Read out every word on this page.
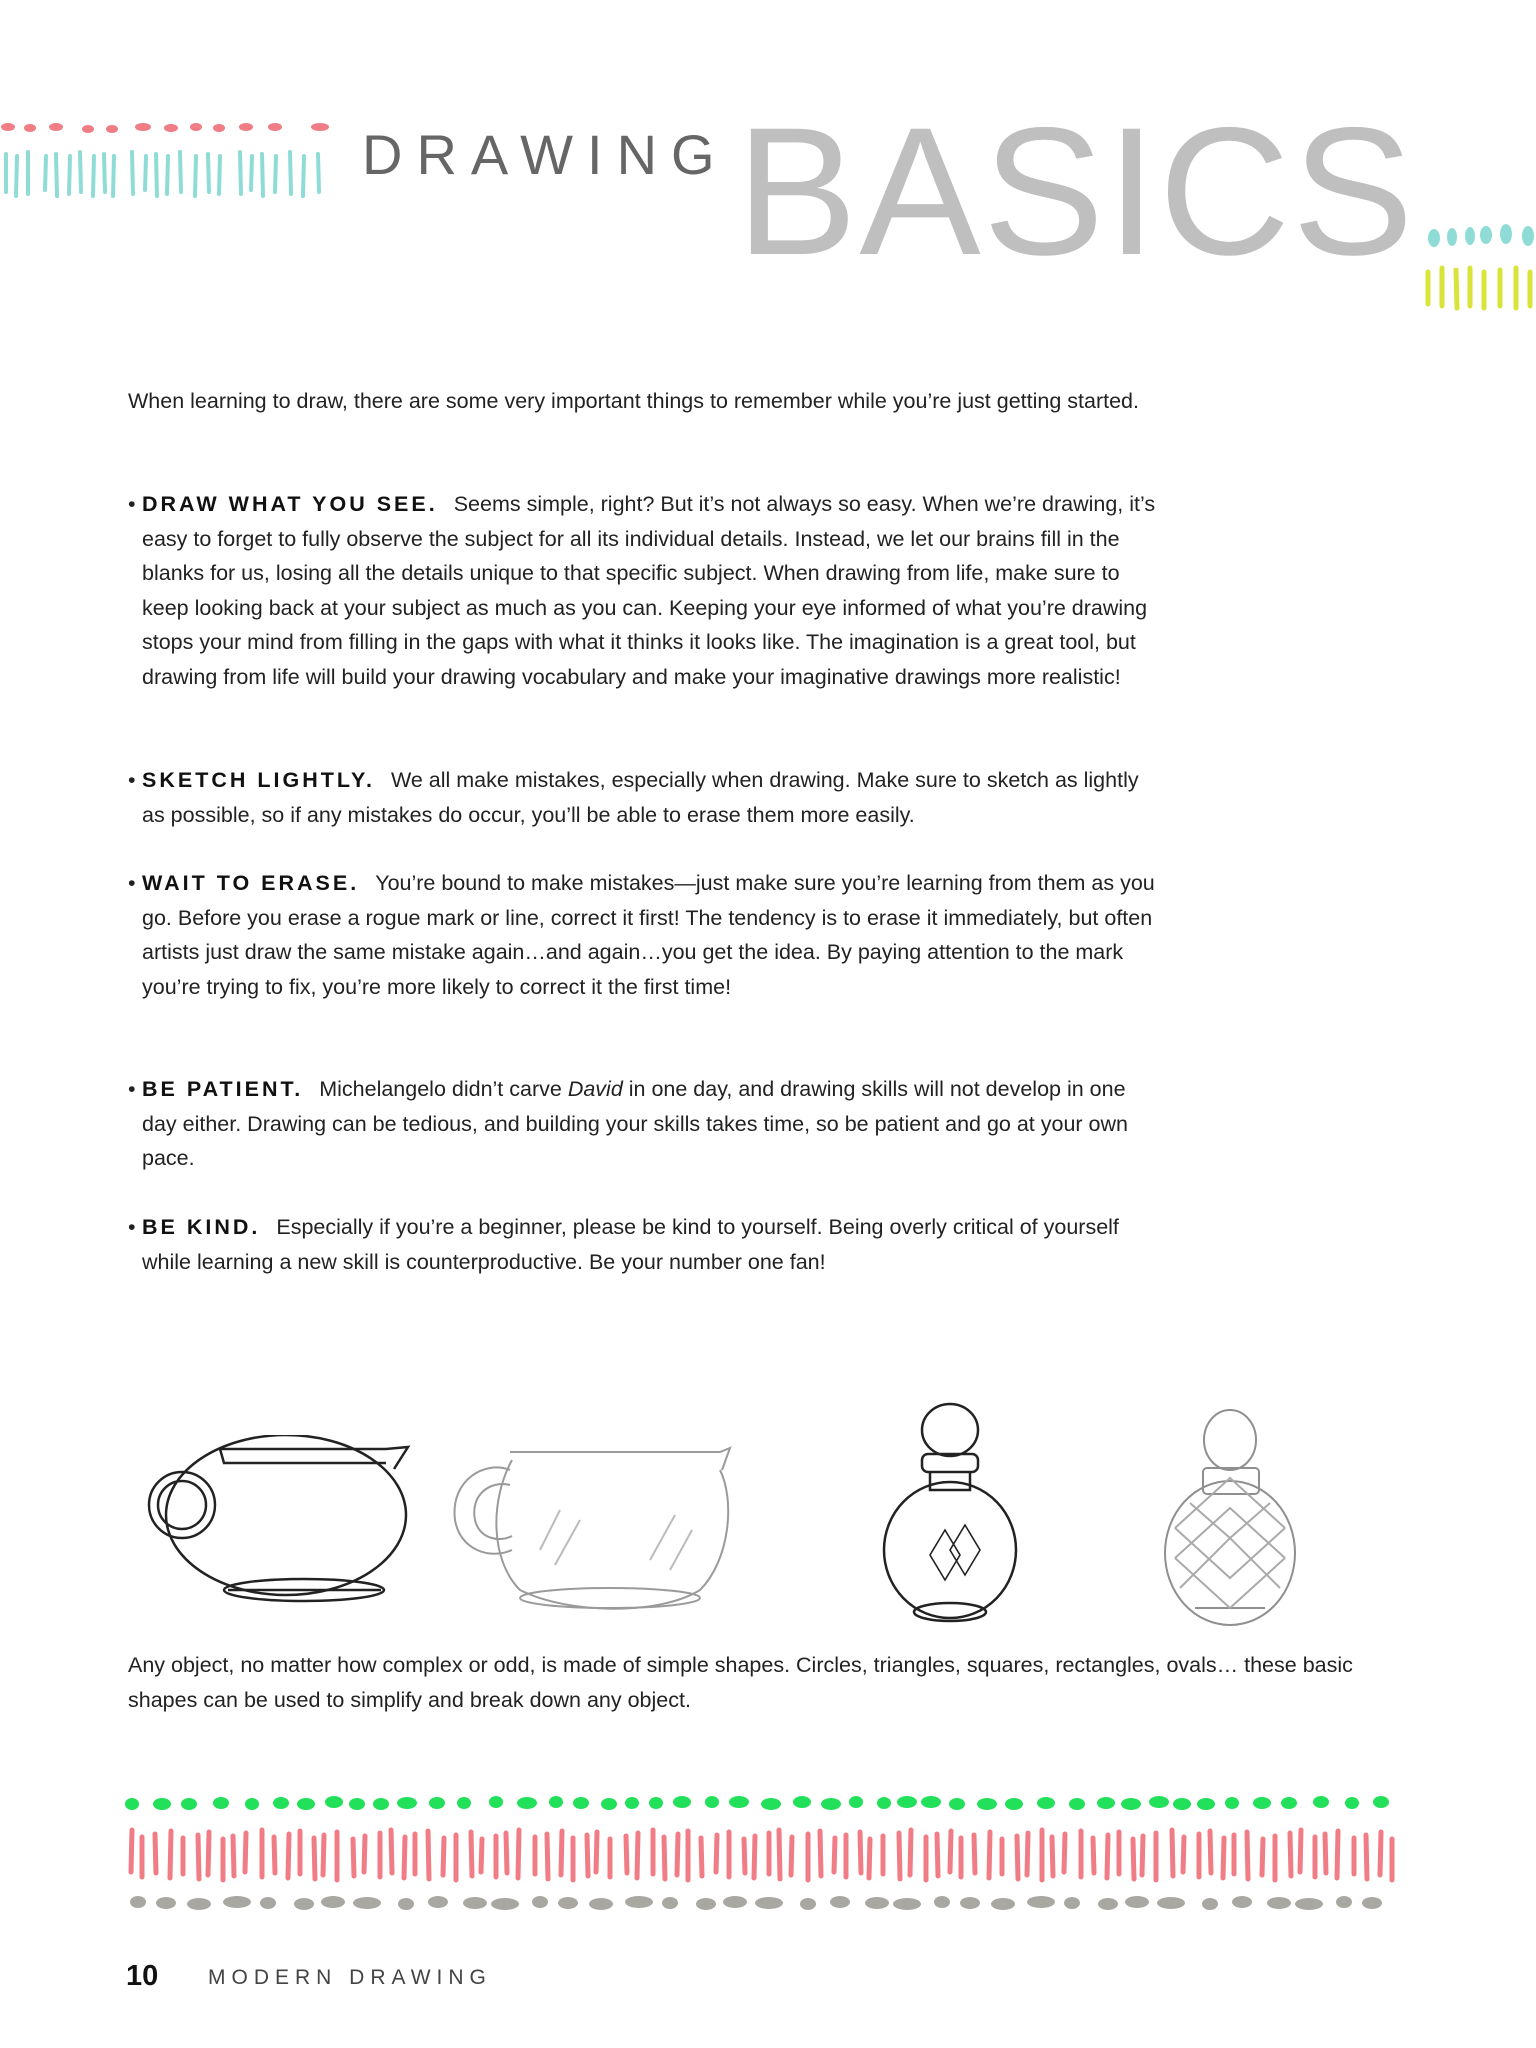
DRAWING BASICS
When learning to draw, there are some very important things to remember while you’re just getting started.
• DRAW WHAT YOU SEE. Seems simple, right? But it’s not always so easy. When we’re drawing, it’s easy to forget to fully observe the subject for all its individual details. Instead, we let our brains fill in the blanks for us, losing all the details unique to that specific subject. When drawing from life, make sure to keep looking back at your subject as much as you can. Keeping your eye informed of what you’re drawing stops your mind from filling in the gaps with what it thinks it looks like. The imagination is a great tool, but drawing from life will build your drawing vocabulary and make your imaginative drawings more realistic!
• SKETCH LIGHTLY. We all make mistakes, especially when drawing. Make sure to sketch as lightly as possible, so if any mistakes do occur, you’ll be able to erase them more easily.
• WAIT TO ERASE. You’re bound to make mistakes—just make sure you’re learning from them as you go. Before you erase a rogue mark or line, correct it first! The tendency is to erase it immediately, but often artists just draw the same mistake again…and again…you get the idea. By paying attention to the mark you’re trying to fix, you’re more likely to correct it the first time!
• BE PATIENT. Michelangelo didn’t carve David in one day, and drawing skills will not develop in one day either. Drawing can be tedious, and building your skills takes time, so be patient and go at your own pace.
• BE KIND. Especially if you’re a beginner, please be kind to yourself. Being overly critical of yourself while learning a new skill is counterproductive. Be your number one fan!
Any object, no matter how complex or odd, is made of simple shapes. Circles, triangles, squares, rectangles, ovals… these basic shapes can be used to simplify and break down any object.
10 MODERN DRAWING
